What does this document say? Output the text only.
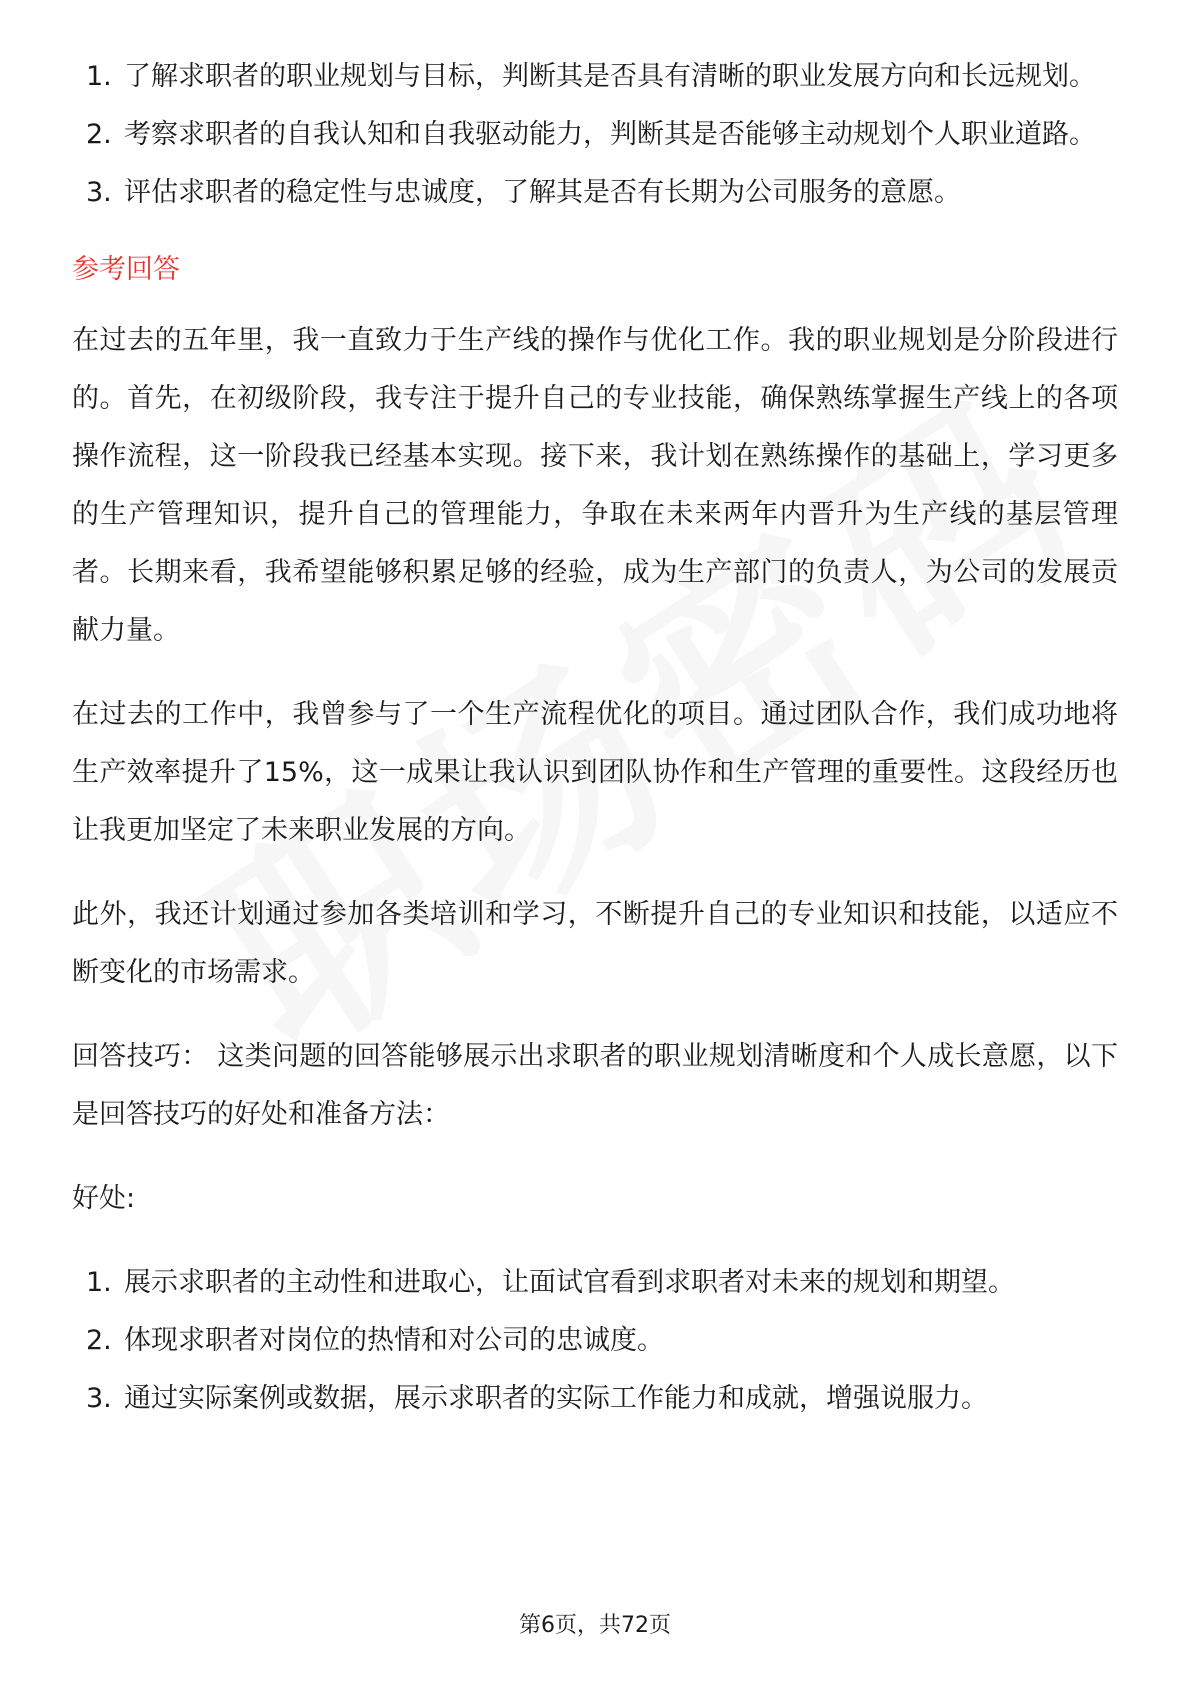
1. 了解求职者的职业规划与目标，判断其是否具有清晰的职业发展方向和长远规划。
2. 考察求职者的自我认知和自我驱动能力，判断其是否能够主动规划个人职业道路。
3. 评估求职者的稳定性与忠诚度，了解其是否有长期为公司服务的意愿。
参考回答

在过去的五年里，我一直致力于生产线的操作与优化工作。我的职业规划是分阶段进行的。首先，在初级阶段，我专注于提升自己的专业技能，确保熟练掌握生产线上的各项操作流程，这一阶段我已经基本实现。接下来，我计划在熟练操作的基础上，学习更多的生产管理知识，提升自己的管理能力，争取在未来两年内晋升为生产线的基层管理者。长期来看，我希望能够积累足够的经验，成为生产部门的负责人，为公司的发展贡献力量。

在过去的工作中，我曾参与了一个生产流程优化的项目。通过团队合作，我们成功地将生产效率提升了15%，这一成果让我认识到团队协作和生产管理的重要性。这段经历也让我更加坚定了未来职业发展的方向。

此外，我还计划通过参加各类培训和学习，不断提升自己的专业知识和技能，以适应不断变化的市场需求。

回答技巧： 这类问题的回答能够展示出求职者的职业规划清晰度和个人成长意愿，以下是回答技巧的好处和准备方法：

好处:
1. 展示求职者的主动性和进取心，让面试官看到求职者对未来的规划和期望。
2. 体现求职者对岗位的热情和对公司的忠诚度。
3. 通过实际案例或数据，展示求职者的实际工作能力和成就，增强说服力。
第6页，共72页
